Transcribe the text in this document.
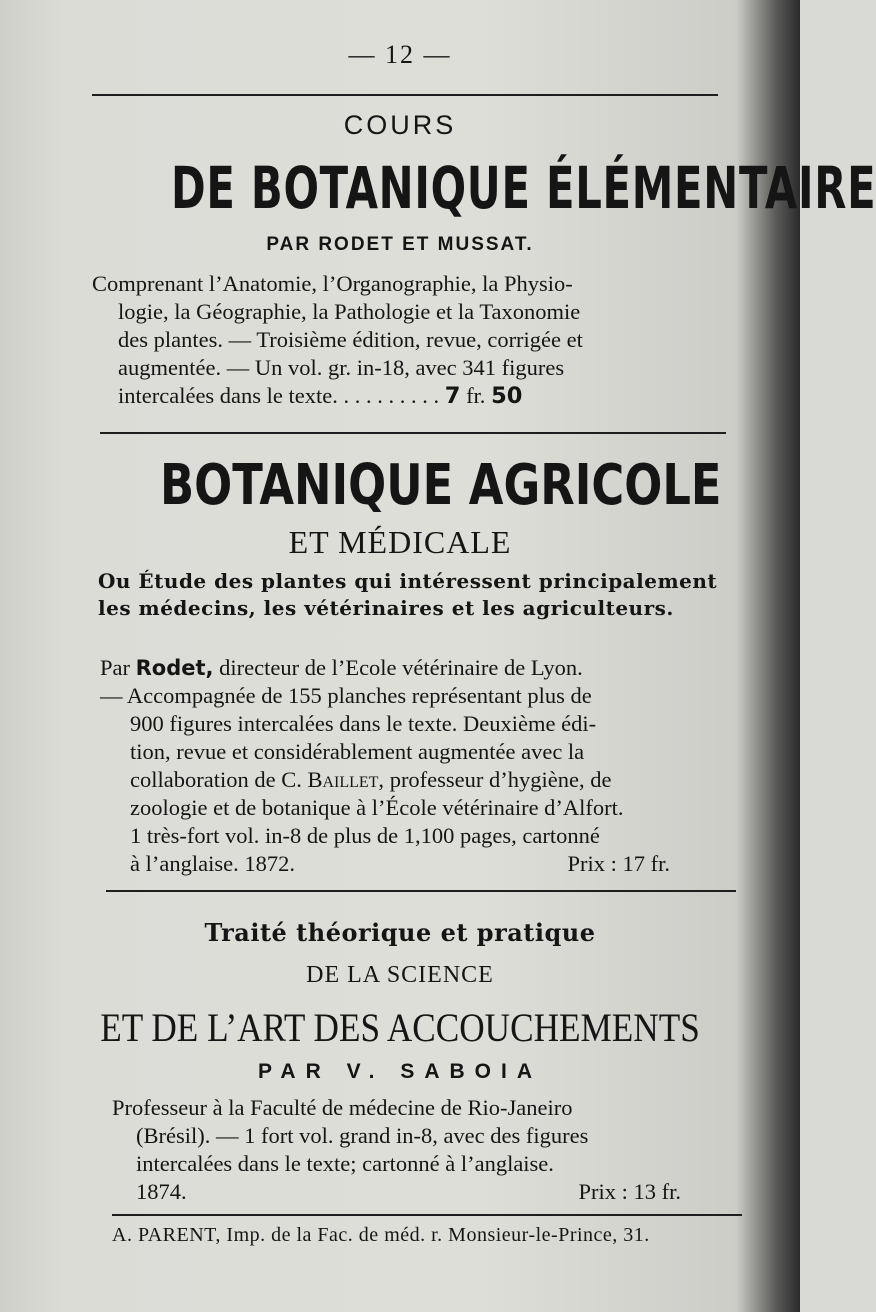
— 12 —
COURS
DE BOTANIQUE ÉLÉMENTAIRE
PAR RODET ET MUSSAT.
Comprenant l’Anatomie, l’Organographie, la Physio-
logie, la Géographie, la Pathologie et la Taxonomie
des plantes. — Troisième édition, revue, corrigée et
augmentée. — Un vol. gr. in-18, avec 341 figures
intercalées dans le texte. . . . . . . . . . 7 fr. 50
BOTANIQUE AGRICOLE
ET MÉDICALE
Ou Étude des plantes qui intéressent principalement les médecins, les vétérinaires et les agriculteurs.
Par Rodet, directeur de l’Ecole vétérinaire de Lyon.
— Accompagnée de 155 planches représentant plus de
900 figures intercalées dans le texte. Deuxième édi-
tion, revue et considérablement augmentée avec la
collaboration de C. Baillet, professeur d’hygiène, de
zoologie et de botanique à l’École vétérinaire d’Alfort.
1 très-fort vol. in-8 de plus de 1,100 pages, cartonné
à l’anglaise. 1872.	Prix : 17 fr.
Traité théorique et pratique
DE LA SCIENCE
ET DE L’ART DES ACCOUCHEMENTS
PAR V. SABOIA
Professeur à la Faculté de médecine de Rio-Janeiro
(Brésil). — 1 fort vol. grand in-8, avec des figures
intercalées dans le texte; cartonné à l’anglaise.
1874.	Prix : 13 fr.
A. PARENT, Imp. de la Fac. de méd. r. Monsieur-le-Prince, 31.
